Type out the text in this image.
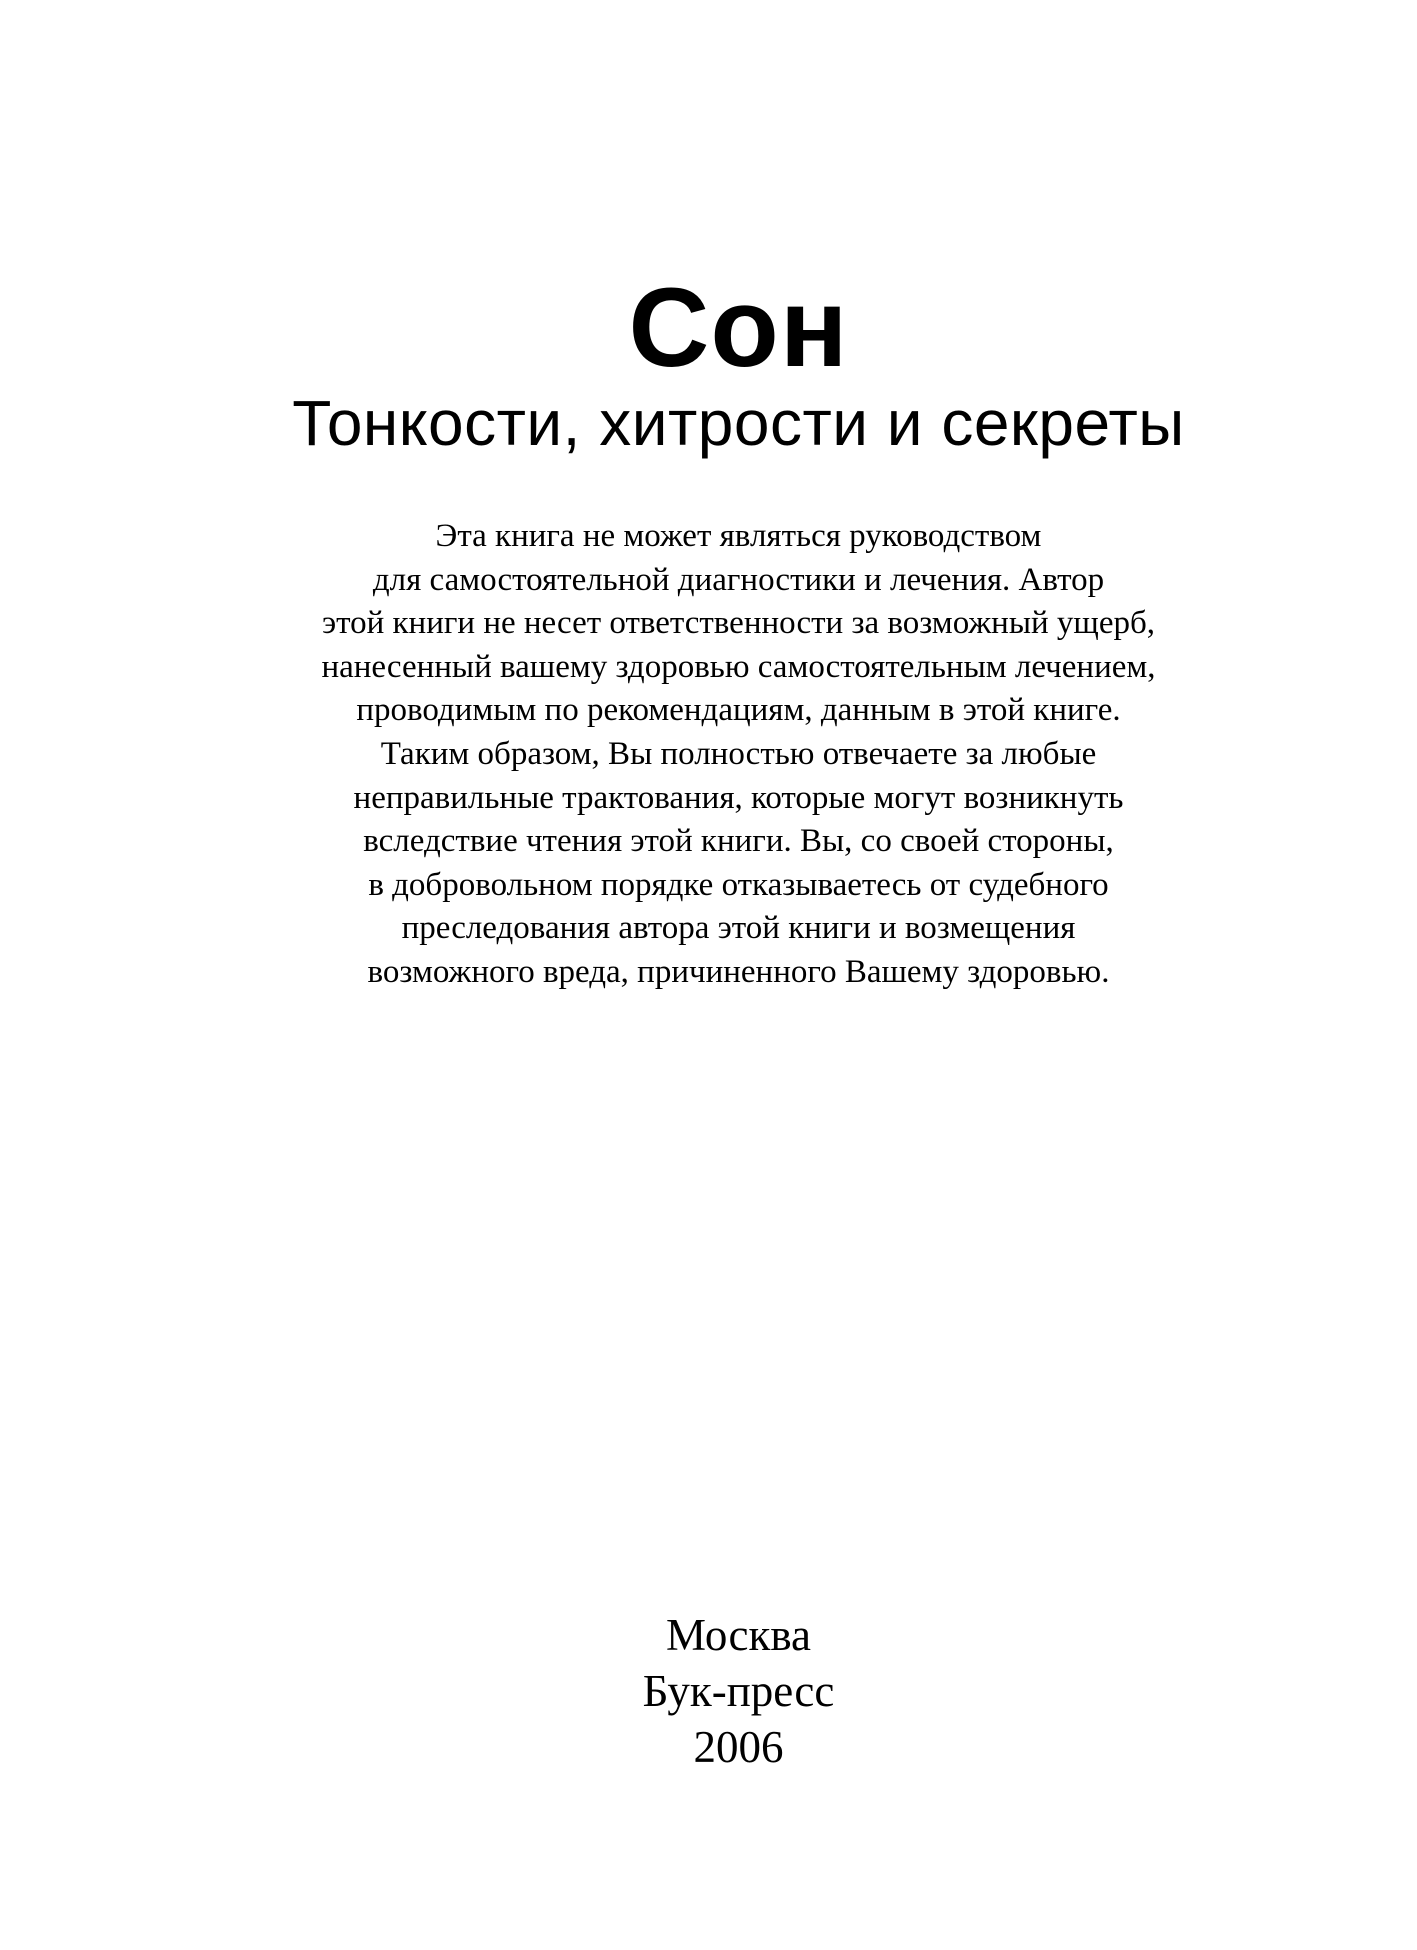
Сон
Тонкости, хитрости и секреты
Эта книга не может являться руководством
для самостоятельной диагностики и лечения. Автор
этой книги не несет ответственности за возможный ущерб,
нанесенный вашему здоровью самостоятельным лечением,
проводимым по рекомендациям, данным в этой книге.
Таким образом, Вы полностью отвечаете за любые
неправильные трактования, которые могут возникнуть
вследствие чтения этой книги. Вы, со своей стороны,
в добровольном порядке отказываетесь от судебного
преследования автора этой книги и возмещения
возможного вреда, причиненного Вашему здоровью.
Москва
Бук-пресс
2006
